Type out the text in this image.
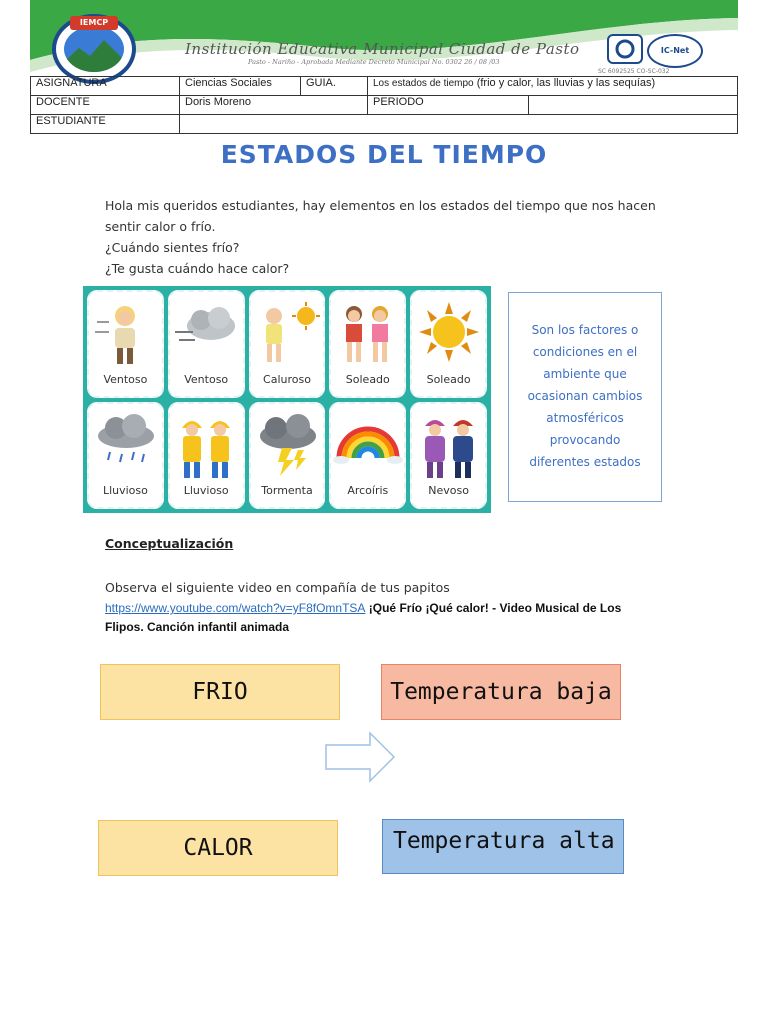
IEMCP
Institución Educativa Municipal Ciudad de Pasto
Pasto - Nariño - Aprobada Mediante Decreto Municipal No. 0302 26 / 08 /03
IC-Net
SC 6092525 CO-SC-032
ASIGNATURA	Ciencias Sociales	GUIA.	Los estados de tiempo (frio y calor, las lluvias y las sequías)	
DOCENTE	Doris Moreno		PERIODO	
ESTUDIANTE				
ESTADOS DEL TIEMPO
Hola mis queridos estudiantes, hay elementos en los estados del tiempo que nos hacen
sentir calor o frío.
¿Cuándo sientes frío?
¿Te gusta cuándo hace calor?
Ventoso	Ventoso	Caluroso	Soleado	Soleado
Lluvioso	Lluvioso	Tormenta	Arcoíris	Nevoso
Son los factores o
condiciones en el
ambiente que
ocasionan cambios
atmosféricos
provocando
diferentes estados
Conceptualización
Observa el siguiente video en compañía de tus papitos
https://www.youtube.com/watch?v=yF8fOmnTSA ¡Qué Frío ¡Qué calor! - Video Musical de Los
Flipos. Canción infantil animada
FRIO	Temperatura baja
CALOR	Temperatura alta
